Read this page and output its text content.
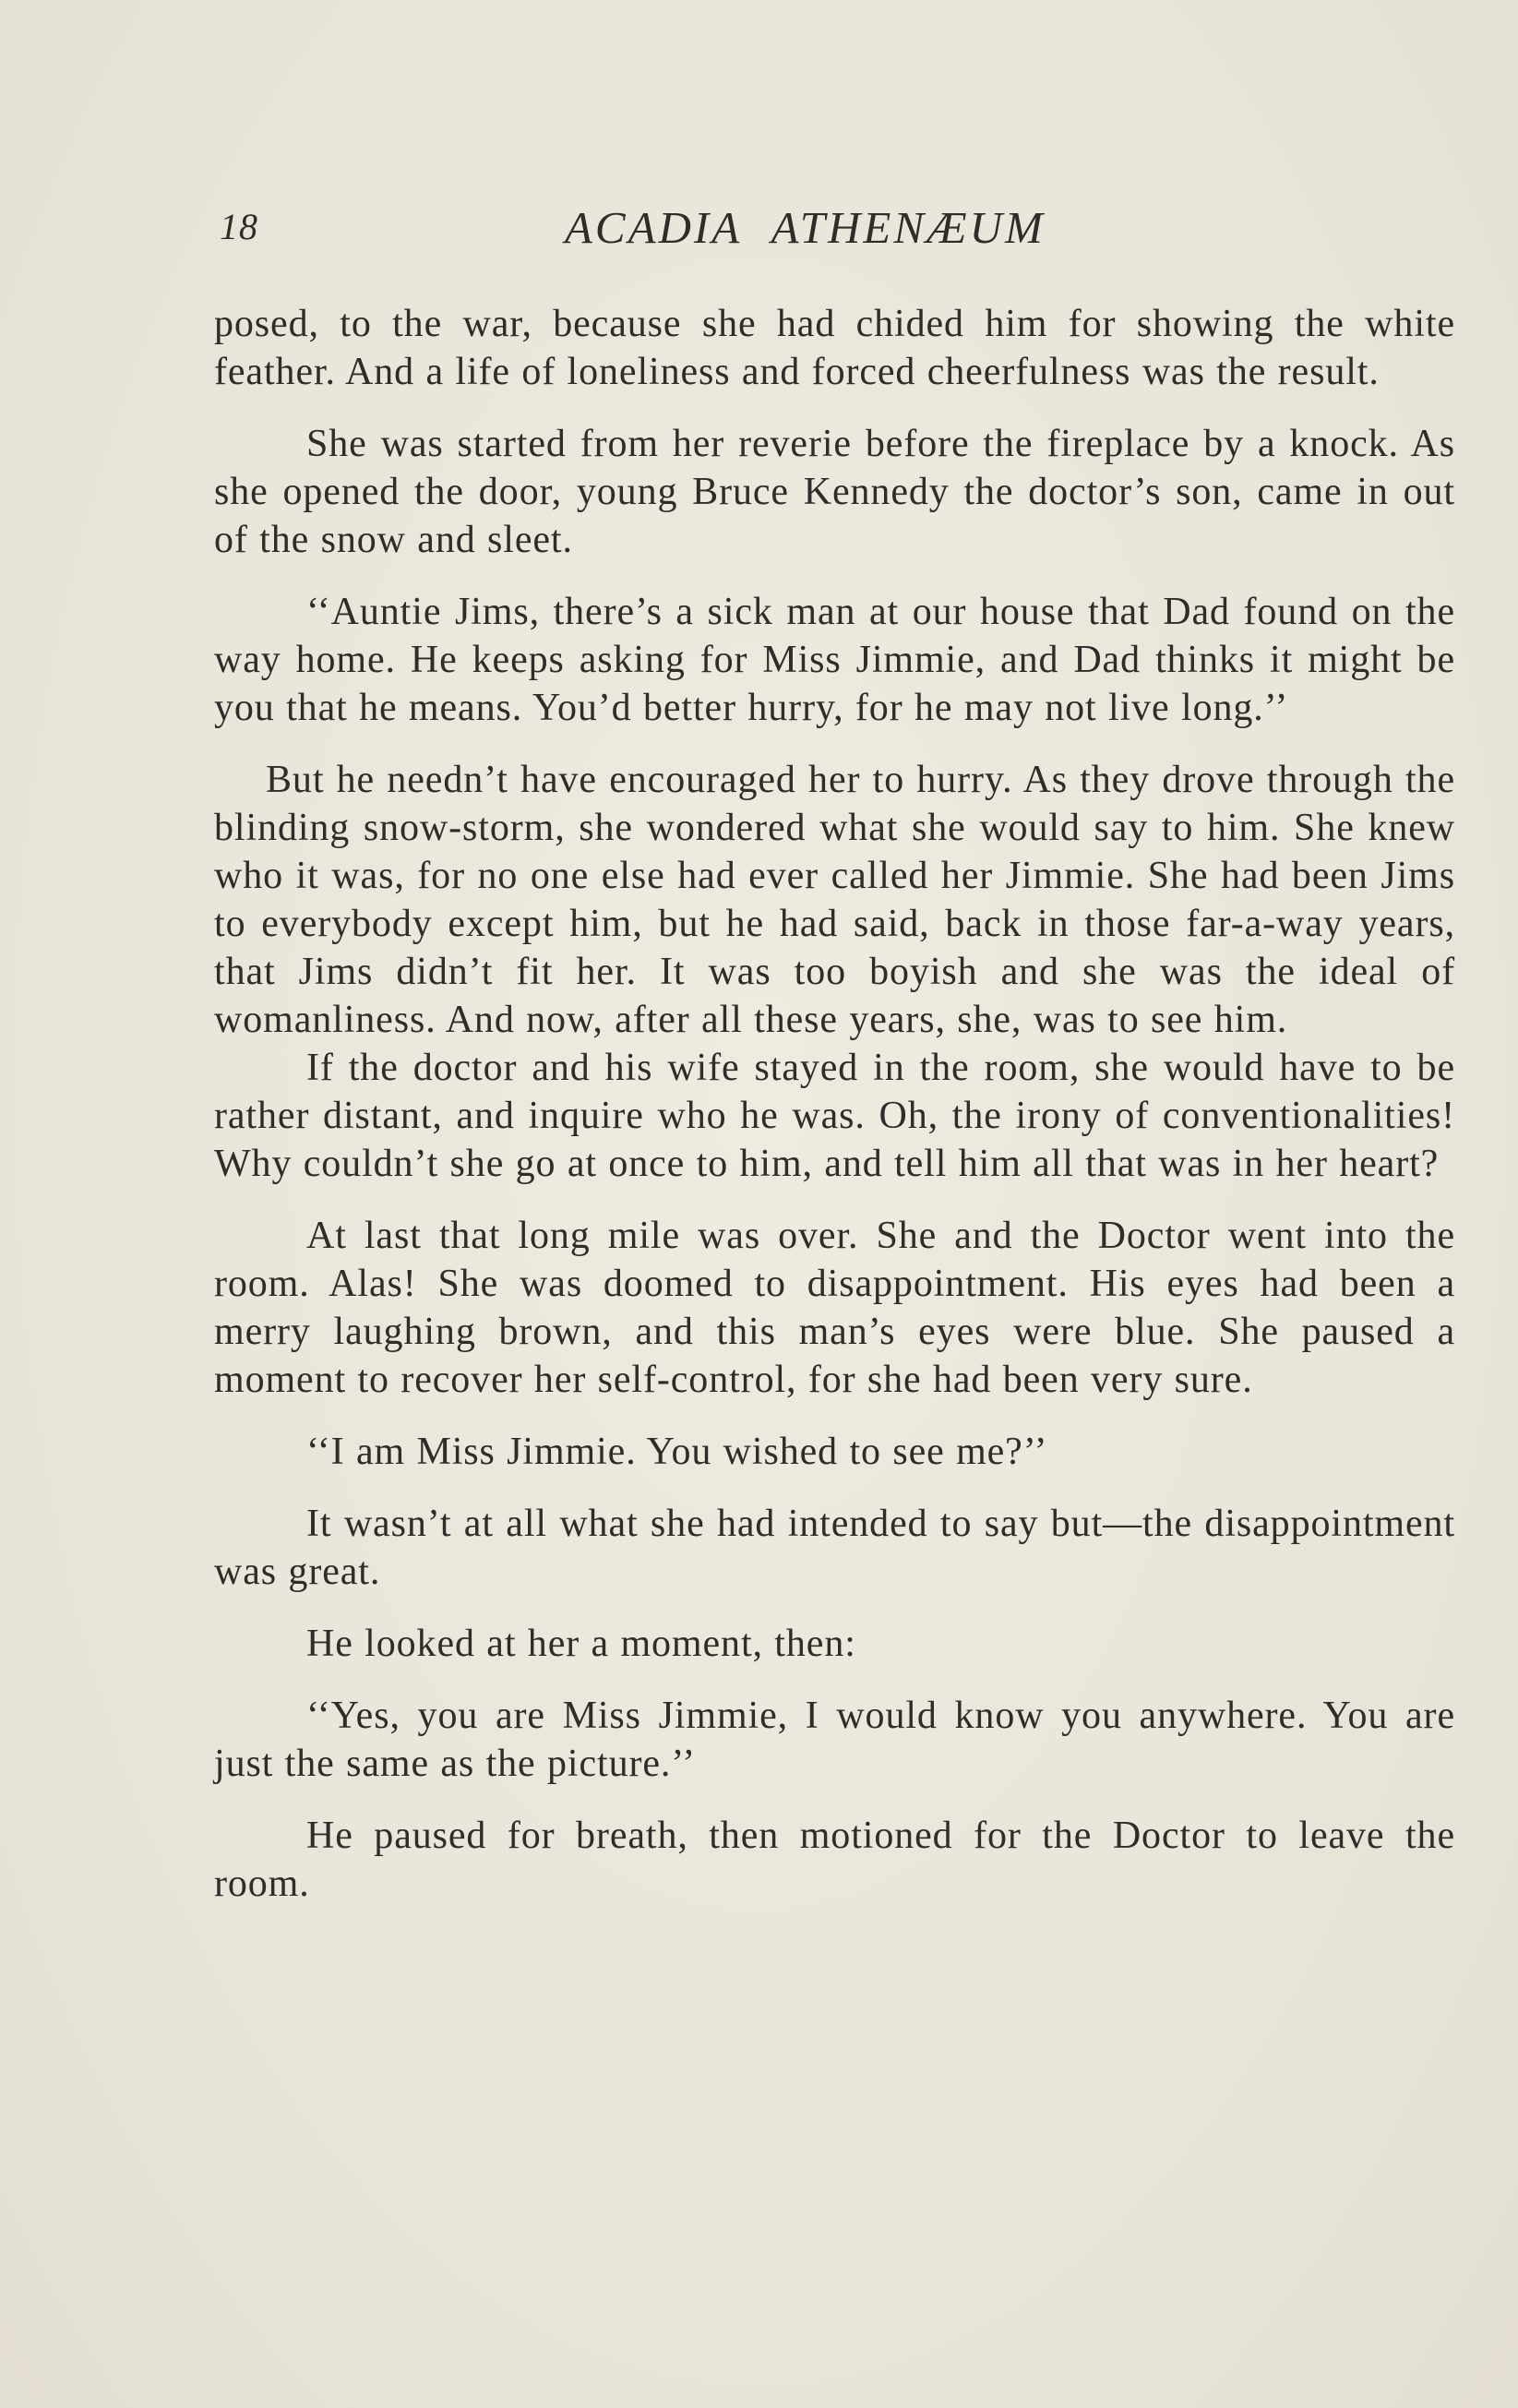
18	ACADIA ATHENÆUM

posed, to the war, because she had chided him for showing the white feather. And a life of loneliness and forced cheerfulness was the result.

She was started from her reverie before the fireplace by a knock. As she opened the door, young Bruce Kennedy the doctor’s son, came in out of the snow and sleet.

‘‘Auntie Jims, there’s a sick man at our house that Dad found on the way home. He keeps asking for Miss Jimmie, and Dad thinks it might be you that he means. You’d better hurry, for he may not live long.’’

But he needn’t have encouraged her to hurry. As they drove through the blinding snow-storm, she wondered what she would say to him. She knew who it was, for no one else had ever called her Jimmie. She had been Jims to everybody except him, but he had said, back in those far-a-way years, that Jims didn’t fit her. It was too boyish and she was the ideal of womanliness. And now, after all these years, she, was to see him.

If the doctor and his wife stayed in the room, she would have to be rather distant, and inquire who he was. Oh, the irony of conventionalities! Why couldn’t she go at once to him, and tell him all that was in her heart?

At last that long mile was over. She and the Doctor went into the room. Alas! She was doomed to disappointment. His eyes had been a merry laughing brown, and this man’s eyes were blue. She paused a moment to recover her self-control, for she had been very sure.

‘‘I am Miss Jimmie. You wished to see me?’’

It wasn’t at all what she had intended to say but—the disappointment was great.

He looked at her a moment, then:

‘‘Yes, you are Miss Jimmie, I would know you anywhere. You are just the same as the picture.’’

He paused for breath, then motioned for the Doctor to leave the room.
